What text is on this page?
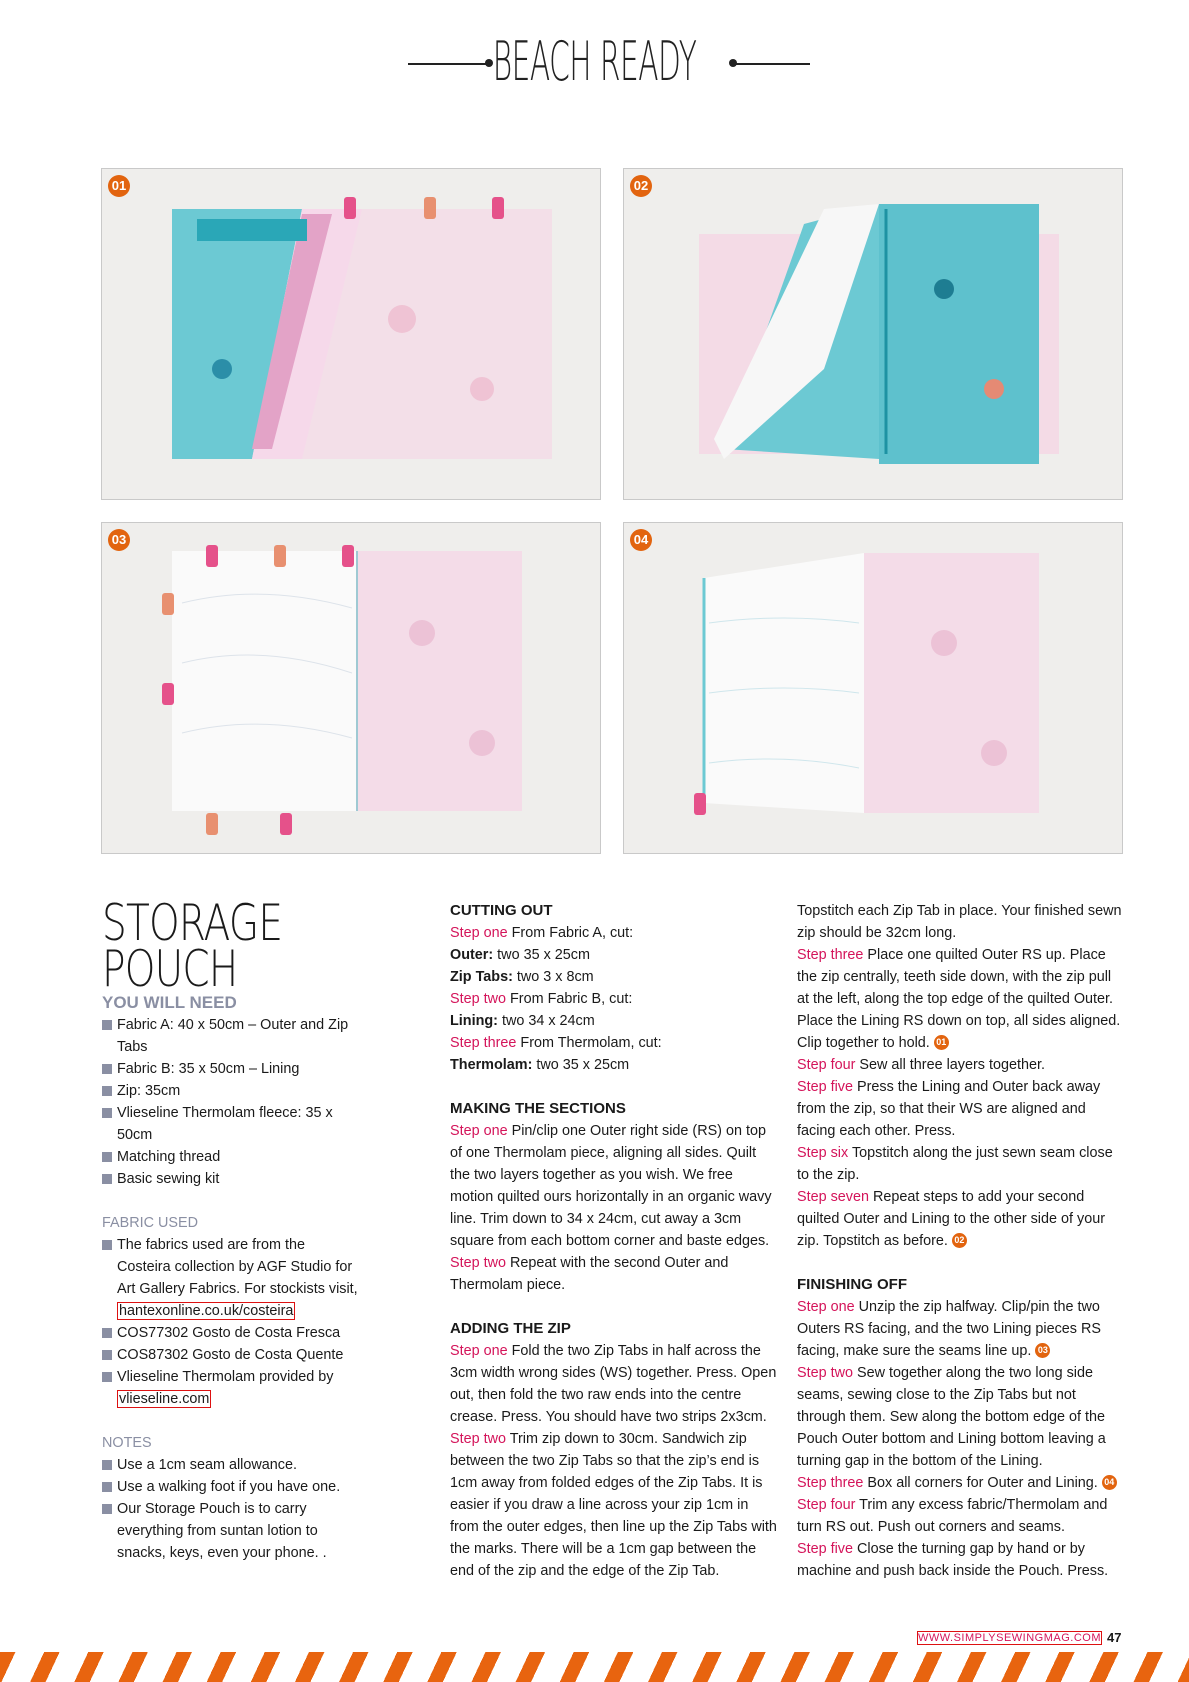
BEACH READY
01	02
03	04
STORAGE
POUCH
YOU WILL NEED
Fabric A: 40 x 50cm – Outer and Zip Tabs
Fabric B: 35 x 50cm – Lining
Zip: 35cm
Vlieseline Thermolam fleece: 35 x 50cm
Matching thread
Basic sewing kit
FABRIC USED
The fabrics used are from the Costeira collection by AGF Studio for Art Gallery Fabrics. For stockists visit, hantexonline.co.uk/costeira
COS77302 Gosto de Costa Fresca
COS87302 Gosto de Costa Quente
Vlieseline Thermolam provided by vlieseline.com
NOTES
Use a 1cm seam allowance.
Use a walking foot if you have one.
Our Storage Pouch is to carry everything from suntan lotion to snacks, keys, even your phone. .
CUTTING OUT
Step one From Fabric A, cut:
Outer: two 35 x 25cm
Zip Tabs: two 3 x 8cm
Step two From Fabric B, cut:
Lining: two 34 x 24cm
Step three From Thermolam, cut:
Thermolam: two 35 x 25cm
MAKING THE SECTIONS
Step one Pin/clip one Outer right side (RS) on top of one Thermolam piece, aligning all sides. Quilt the two layers together as you wish. We free motion quilted ours horizontally in an organic wavy line. Trim down to 34 x 24cm, cut away a 3cm square from each bottom corner and baste edges.
Step two Repeat with the second Outer and Thermolam piece.
ADDING THE ZIP
Step one Fold the two Zip Tabs in half across the 3cm width wrong sides (WS) together. Press. Open out, then fold the two raw ends into the centre crease. Press. You should have two strips 2x3cm.
Step two Trim zip down to 30cm. Sandwich zip between the two Zip Tabs so that the zip’s end is 1cm away from folded edges of the Zip Tabs. It is easier if you draw a line across your zip 1cm in from the outer edges, then line up the Zip Tabs with the marks. There will be a 1cm gap between the end of the zip and the edge of the Zip Tab.
Topstitch each Zip Tab in place. Your finished sewn zip should be 32cm long.
Step three Place one quilted Outer RS up. Place the zip centrally, teeth side down, with the zip pull at the left, along the top edge of the quilted Outer. Place the Lining RS down on top, all sides aligned. Clip together to hold. 01
Step four Sew all three layers together.
Step five Press the Lining and Outer back away from the zip, so that their WS are aligned and facing each other. Press.
Step six Topstitch along the just sewn seam close to the zip.
Step seven Repeat steps to add your second quilted Outer and Lining to the other side of your zip. Topstitch as before. 02
FINISHING OFF
Step one Unzip the zip halfway. Clip/pin the two Outers RS facing, and the two Lining pieces RS facing, make sure the seams line up. 03
Step two Sew together along the two long side seams, sewing close to the Zip Tabs but not through them. Sew along the bottom edge of the Pouch Outer bottom and Lining bottom leaving a turning gap in the bottom of the Lining.
Step three Box all corners for Outer and Lining. 04
Step four Trim any excess fabric/Thermolam and turn RS out. Push out corners and seams.
Step five Close the turning gap by hand or by machine and push back inside the Pouch. Press.
WWW.SIMPLYSEWINGMAG.COM 47
